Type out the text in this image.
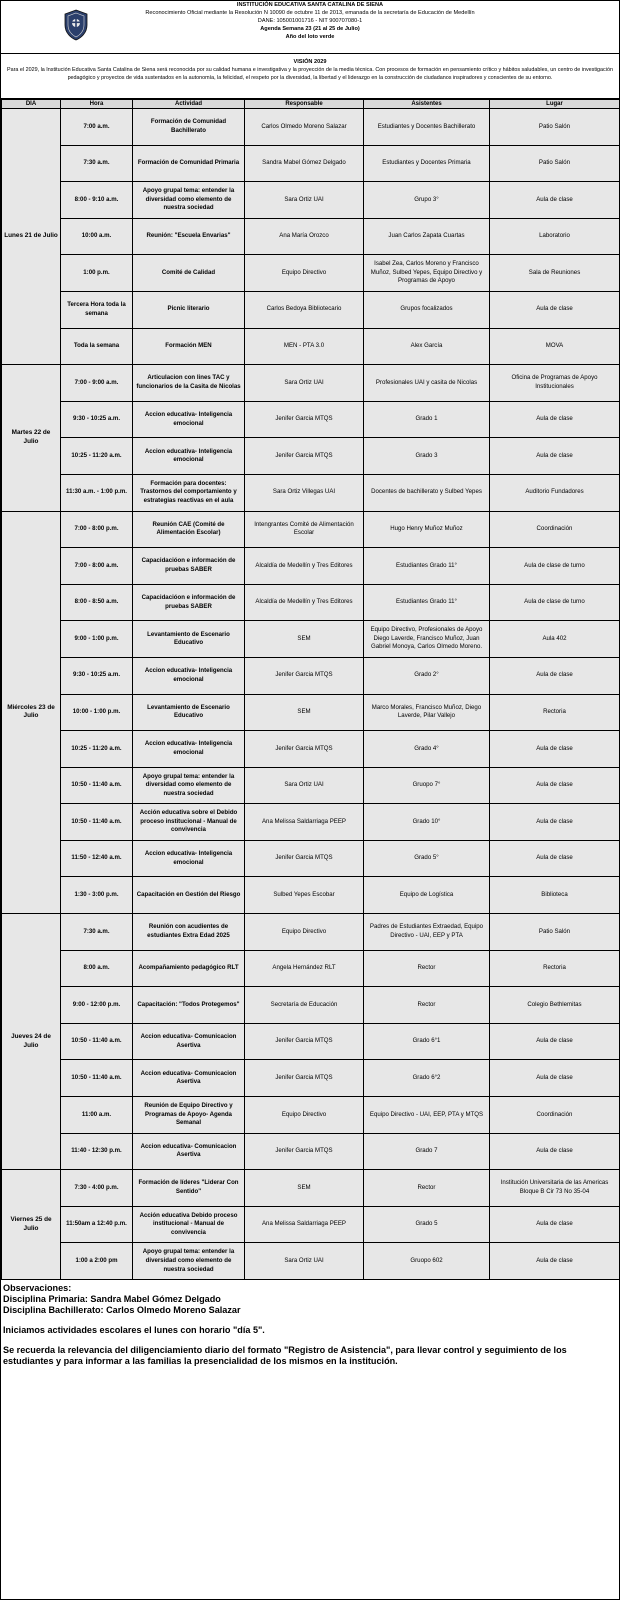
INSTITUCIÓN EDUCATIVA SANTA CATALINA DE SIENA
Reconocimiento Oficial mediante la Resolución N 10090 de octubre 11 de 2013, emanada de la secretaría de Educación de Medellín
DANE: 105001001716 - NIT 900707080-1
Agenda Semana 23 (21 al 25 de Julio)
Año del loto verde
VISIÓN 2029
Para el 2029, la Institución Educativa Santa Catalina de Siena será reconocida por su calidad humana e investigativa y la proyección de la media técnica. Con procesos de formación en pensamiento crítico y hábitos saludables, un centro de investigación pedagógico y proyectos de vida sustentados en la autonomía, la felicidad, el respeto por la diversidad, la libertad y el liderazgo en la construcción de ciudadanos inspiradores y conscientes de su entorno.
DIA	Hora	Actividad	Responsable	Asistentes	Lugar
Lunes 21 de Julio	7:00 a.m.	Formación de Comunidad Bachillerato	Carlos Olmedo Moreno Salazar	Estudiantes y Docentes Bachillerato	Patio Salón
	7:30 a.m.	Formación de Comunidad Primaria	Sandra Mabel Gómez Delgado	Estudiantes y Docentes Primaria	Patio Salón
	8:00 - 9:10 a.m.	Apoyo grupal tema: entender la diversidad como elemento de nuestra sociedad	Sara Ortiz UAI	Grupo 3°	Aula de clase
	10:00 a.m.	Reunión: "Escuela Envarias"	Ana María Orozco	Juan Carlos Zapata Cuartas	Laboratorio
	1:00 p.m.	Comité de Calidad	Equipo Directivo	Isabel Zea, Carlos Moreno y Francisco Muñoz, Sulbed Yepes, Equipo Directivo y Programas de Apoyo	Sala de Reuniones
	Tercera Hora toda la semana	Picnic literario	Carlos Bedoya Bibliotecario	Grupos focalizados	Aula de clase
	Toda la semana	Formación MEN	MEN - PTA 3.0	Alex García	MOVA
Martes 22 de Julio	7:00 - 9:00 a.m.	Articulacion con lines TAC y funcionarios de la Casita de Nicolas	Sara Ortiz UAI	Profesionales UAI y casita de Nicolas	Oficina de Programas de Apoyo Institucionales
	9:30 - 10:25 a.m.	Accion educativa- Inteligencia emocional	Jenifer Garcia MTQS	Grado 1	Aula de clase
	10:25 - 11:20 a.m.	Accion educativa- Inteligencia emocional	Jenifer Garcia MTQS	Grado 3	Aula de clase
	11:30 a.m. - 1:00 p.m.	Formación para docentes: Trastornos del comportamiento y estrategias reactivas en el aula	Sara Ortiz Villegas UAI	Docentes de bachillerato y Sulbed Yepes	Auditorio Fundadores
Miércoles 23 de Julio	7:00 - 8:00 p.m.	Reunión CAE (Comité de Alimentación Escolar)	Intengrantes Comité de Alimentación Escolar	Hugo Henry Muñoz Muñoz	Coordinación
	7:00 - 8:00 a.m.	Capacidacióon e información de pruebas SABER	Alcaldía de Medellín y Tres Editores	Estudiantes Grado 11°	Aula de clase de turno
	8:00 - 8:50 a.m.	Capacidacióon e información de pruebas SABER	Alcaldía de Medellín y Tres Editores	Estudiantes Grado 11°	Aula de clase de turno
	9:00 - 1:00 p.m.	Levantamiento de Escenario Educativo	SEM	Equipo Directivo, Profesionales de Apoyo Diego Laverde, Francisco Muñoz, Juan Gabriel Monoya, Carlos Olmedo Moreno.	Aula 402
	9:30 - 10:25 a.m.	Accion educativa- Inteligencia emocional	Jenifer Garcia MTQS	Grado 2°	Aula de clase
	10:00 - 1:00 p.m.	Levantamiento de Escenario Educativo	SEM	Marco Morales, Francisco Muñoz, Diego Laverde, Pilar Vallejo	Rectoria
	10:25 - 11:20 a.m.	Accion educativa- Inteligencia emocional	Jenifer Garcia MTQS	Grado 4°	Aula de clase
	10:50 - 11:40 a.m.	Apoyo grupal tema: entender la diversidad como elemento de nuestra sociedad	Sara Ortiz UAI	Gruopo 7°	Aula de clase
	10:50 - 11:40 a.m.	Acción educativa sobre el Debido proceso institucional - Manual de convivencia	Ana Melissa Saldarriaga PEEP	Grado 10°	Aula de clase
	11:50 - 12:40 a.m.	Accion educativa- Inteligencia emocional	Jenifer Garcia MTQS	Grado 5°	Aula de clase
	1:30 - 3:00 p.m.	Capacitación en Gestión del Riesgo	Sulbed Yepes Escobar	Equipo de Logística	Biblioteca
Jueves 24 de Julio	7:30 a.m.	Reunión con acudientes de estudiantes Extra Edad 2025	Equipo Directivo	Padres de Estudiantes Extraedad, Equipo Directivo - UAI, EEP y PTA	Patio Salón
	8:00 a.m.	Acompañamiento pedagógico RLT	Angela Hernández RLT	Rector	Rectoria
	9:00 - 12:00 p.m.	Capacitación: "Todos Protegemos"	Secretaría de Educación	Rector	Colegio Bethlemitas
	10:50 - 11:40 a.m.	Accion educativa- Comunicacion Asertiva	Jenifer Garcia MTQS	Grado 6°1	Aula de clase
	10:50 - 11:40 a.m.	Accion educativa- Comunicacion Asertiva	Jenifer Garcia MTQS	Grado 6°2	Aula de clase
	11:00 a.m.	Reunión de Equipo Directivo y Programas de Apoyo- Agenda Semanal	Equipo Directivo	Equipo Directivo - UAI, EEP, PTA y MTQS	Coordinación
	11:40 - 12:30 p.m.	Accion educativa- Comunicacion Asertiva	Jenifer Garcia MTQS	Grado 7	Aula de clase
Viernes 25 de Julio	7:30 - 4:00 p.m.	Formación de líderes "Liderar Con Sentido"	SEM	Rector	Institución Universitaria de las Americas Bloque B Cir 73 No 35-04
	11:50am a 12:40 p.m.	Acción educativa Debido proceso institucional - Manual de convivencia	Ana Melissa Saldarriaga PEEP	Grado 5	Aula de clase
	1:00 a 2:00 pm	Apoyo grupal tema: entender la diversidad como elemento de nuestra sociedad	Sara Ortiz UAI	Gruopo 602	Aula de clase

Observaciones:

Disciplina Primaria: Sandra Mabel Gómez Delgado

Disciplina Bachillerato: Carlos Olmedo Moreno Salazar

Iniciamos actividades escolares el lunes con horario "día 5".

Se recuerda la relevancia del diligenciamiento diario del formato "Registro de Asistencia", para llevar control y seguimiento de los estudiantes y para informar a las familias la presencialidad de los mismos en la institución.
